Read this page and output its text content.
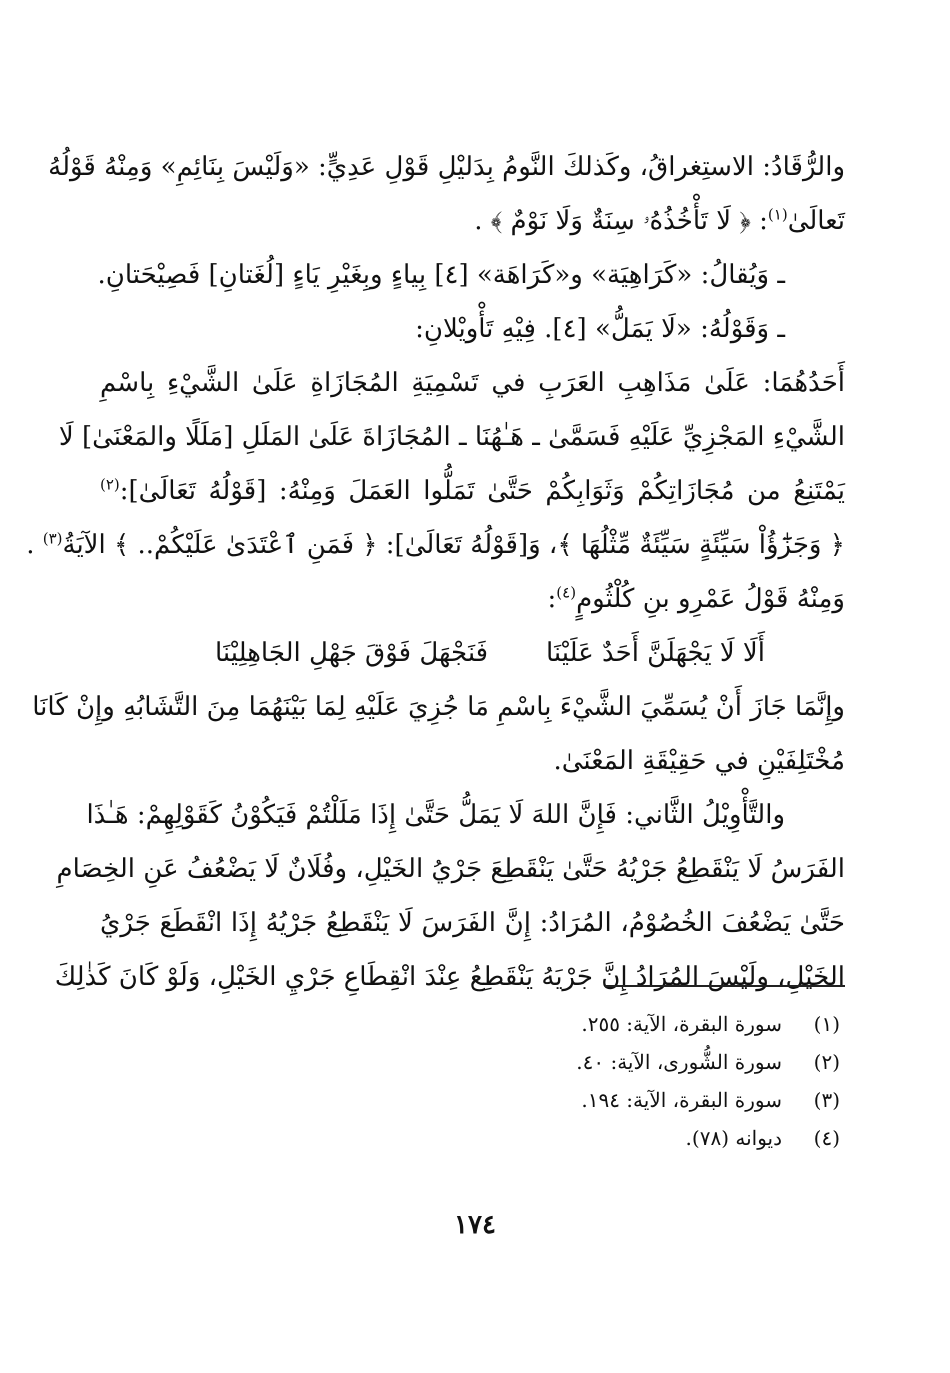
والرُّقَادُ: الاستِغراقُ، وكَذلكَ النَّومُ بِدَليْلِ قَوْلِ عَدِيٍّ: «وَلَيْسَ بِنَائِمِ» وَمِنْهُ قَوْلُهُ
تَعالَىٰ$^{(١)}$: ﴿ لَا تَأْخُذُهُۥ سِنَةٌ وَلَا نَوْمٌ ﴾ .
ـ وَيُقالُ: «كَرَاهِيَة» و«كَرَاهَة» [٤] بِياءٍ وبِغَيْرِ يَاءٍ [لُغَتانِ] فَصِيْحَتانِ.
ـ وَقَوْلُهُ: «لَا يَمَلُّ» [٤]. فِيْهِ تَأْويْلانِ:
أَحَدُهُمَا: عَلَىٰ مَذَاهِبِ العَرَبِ في تَسْمِيَةِ المُجَازَاةِ عَلَىٰ الشَّيْءِ بِاسْمِ
الشَّيْءِ المَجْزِيِّ عَلَيْهِ فَسَمَّىٰ ـ هَـٰهُنَا ـ المُجَازَاةَ عَلَىٰ المَلَلِ [مَلَلًا والمَعْنَىٰ] لَا
يَمْتَنِعُ من مُجَازَاتِكُمْ وَثَوَابِكُمْ حَتَّىٰ تَمَلُّوا العَمَلَ وَمِنْهُ: [قَوْلُهُ تَعَالَىٰ]:$^{(٢)}$
﴿ وَجَزَٰٓؤُاْ سَيِّئَةٍ سَيِّئَةٌ مِّثْلُهَا ﴾، وَ[قَوْلُهُ تَعَالَىٰ]: ﴿ فَمَنِ ٱعْتَدَىٰ عَلَيْكُمْ.. ﴾ الآيَةُ$^{(٣)}$ .
وَمِنْهُ قَوْلُ عَمْرِو بنِ كُلْثُومٍ$^{(٤)}$:
أَلَا لَا يَجْهَلَنَّ أَحَدٌ عَلَيْنَا
فَنَجْهَلَ فَوْقَ جَهْلِ الجَاهِلِيْنَا
وإِنَّمَا جَازَ أَنْ يُسَمِّيَ الشَّيْءَ بِاسْمِ مَا جُزِيَ عَلَيْهِ لِمَا بَيْنَهُمَا مِنَ التَّشَابُهِ وإِنْ كَانَا
مُخْتَلِفَيْنِ في حَقِيْقَةِ المَعْنَىٰ.
والتَّأْوِيْلُ الثَّاني: فَإِنَّ اللهَ لَا يَمَلُّ حَتَّىٰ إِذَا مَلَلْتُمْ فَيَكُوْنُ كَقَوْلِهِمْ: هَـٰذَا
الفَرَسُ لَا يَنْقَطِعُ جَرْيُهُ حَتَّىٰ يَنْقَطِعَ جَرْيُ الخَيْلِ، وفُلَانٌ لَا يَضْعُفُ عَنِ الخِصَامِ
حَتَّىٰ يَضْعُفَ الخُصُوْمُ، المُرَادُ: إِنَّ الفَرَسَ لَا يَنْقَطِعُ جَرْيُهُ إِذَا انْقَطَعَ جَرْيُ
الخَيْلِ، ولَيْسَ المُرَادُ إِنَّ جَرْيَهُ يَنْقَطِعُ عِنْدَ انْقِطَاعِ جَرْيِ الخَيْلِ، وَلَوْ كَانَ كَذٰلِكَ
(١)
سورة البقرة، الآية: ٢٥٥.
(٢)
سورة الشُّورى، الآية: ٤٠.
(٣)
سورة البقرة، الآية: ١٩٤.
(٤)
ديوانه (٧٨).
١٧٤
